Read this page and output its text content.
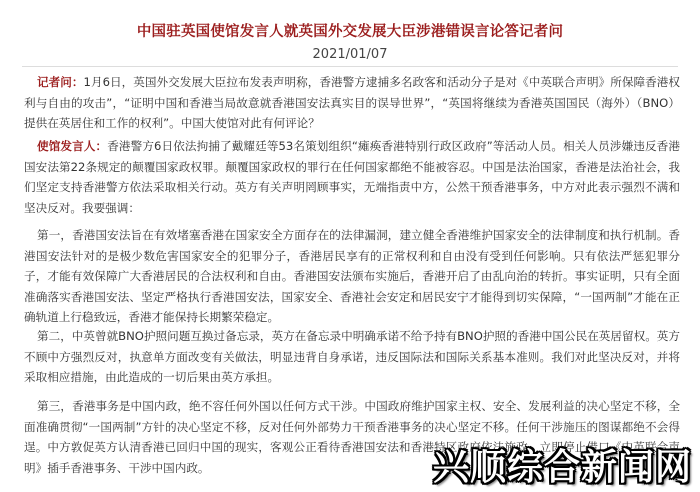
中国驻英国使馆发言人就英国外交发展大臣涉港错误言论答记者问
2021/01/07

记者问：1月6日，英国外交发展大臣拉布发表声明称，香港警方逮捕多名政客和活动分子是对《中英联合声明》所保障香港权利与自由的攻击”，“证明中国和香港当局故意就香港国安法真实目的误导世界”，“英国将继续为香港英国国民（海外）（BNO）提供在英居住和工作的权利”。中国大使馆对此有何评论？

使馆发言人：香港警方6日依法拘捕了戴耀廷等53名策划组织“瘫痪香港特别行政区政府”等活动人员。相关人员涉嫌违反香港国安法第22条规定的颠覆国家政权罪。颠覆国家政权的罪行在任何国家都绝不能被容忍。中国是法治国家，香港是法治社会，我们坚定支持香港警方依法采取相关行动。英方有关声明罔顾事实，无端指责中方，公然干预香港事务，中方对此表示强烈不满和坚决反对。我要强调：

第一，香港国安法旨在有效堵塞香港在国家安全方面存在的法律漏洞，建立健全香港维护国家安全的法律制度和执行机制。香港国安法针对的是极少数危害国家安全的犯罪分子，香港居民享有的正常权利和自由没有受到任何影响。只有依法严惩犯罪分子，才能有效保障广大香港居民的合法权利和自由。香港国安法颁布实施后，香港开启了由乱向治的转折。事实证明，只有全面准确落实香港国安法、坚定严格执行香港国安法，国家安全、香港社会安定和居民安宁才能得到切实保障，“一国两制”才能在正确轨道上行稳致远，香港才能保持长期繁荣稳定。

第二，中英曾就BNO护照问题互换过备忘录，英方在备忘录中明确承诺不给予持有BNO护照的香港中国公民在英居留权。英方不顾中方强烈反对，执意单方面改变有关做法，明显违背自身承诺，违反国际法和国际关系基本准则。我们对此坚决反对，并将采取相应措施，由此造成的一切后果由英方承担。

第三，香港事务是中国内政，绝不容任何外国以任何方式干涉。中国政府维护国家主权、安全、发展利益的决心坚定不移，全面准确贯彻“一国两制”方针的决心坚定不移，反对任何外部势力干预香港事务的决心坚定不移。任何干涉施压的图谋都绝不会得逞。中方敦促英方认清香港已回归中国的现实，客观公正看待香港国安法和香港特区政府依法施政，立即停止借口《中英联合声明》插手香港事务、干涉中国内政。	兴顺综合新闻网
